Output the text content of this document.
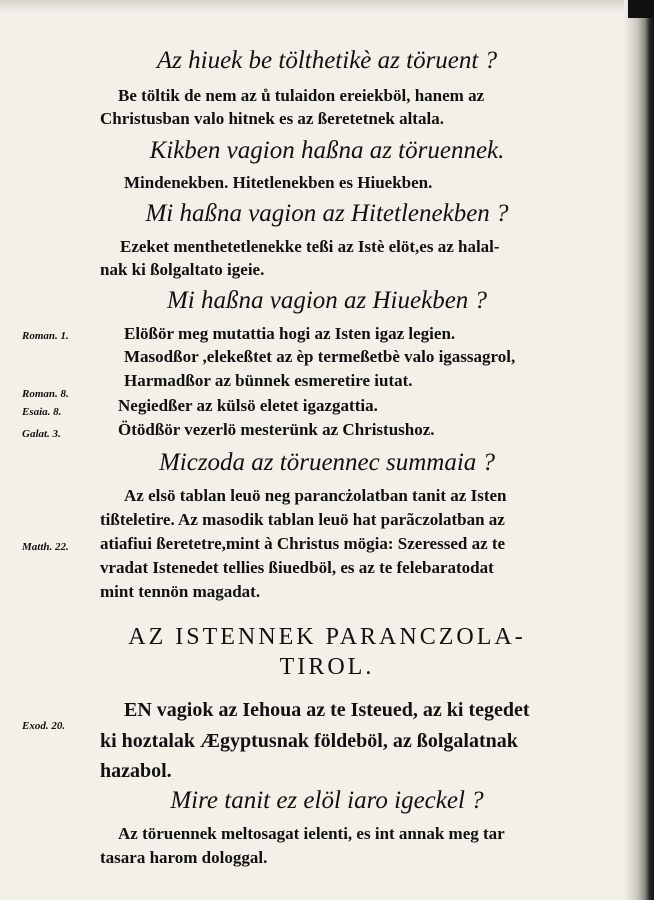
Az hiuek be tölthetikè az töruent ?
Be töltik de nem az ů tulaidon ereiekböl, hanem az
Christusban valo hitnek es az ßeretetnek altala.
Kikben vagion haßna az töruennek.
Mindenekben. Hitetlenekben es Hiuekben.
Mi haßna vagion az Hitetlenekben ?
Ezeket menthetetlenekke teßi az Istè elöt,es az halal-
nak ki ßolgaltato igeie.
Mi haßna vagion az Hiuekben ?
Roman. 1.	Elößör meg mutattia hogi az Isten igaz legien.
Masodßor ,elekeßtet az èp termeßetbè valo igassagrol,
Roman. 8.
Harmadßor az bünnek esmeretire iutat.
Esaia. 8.	Negiedßer az külsö eletet igazgattia.
Galat. 3.	Ötödßör vezerlö mesterünk az Christushoz.
Miczoda az töruennec summaia ?
Az elsö tablan leuö neg parancżolatban tanit az Isten
tißteletire. Az masodik tablan leuö hat parãczolatban az
Matth. 22. atiafiui ßeretetre,mint à Christus mögia: Szeressed az te
vradat Istenedet tellies ßiuedböl, es az te felebaratodat
mint tennön magadat.
AZ ISTENNEK PARANCZOLA-
TIROL.
EN vagiok az Iehoua az te Isteued, az ki tegedet
Exod. 20.
ki hoztalak Ægyptusnak földeböl, az ßolgalatnak
hazabol.
Mire tanit ez elöl iaro igeckel ?
Az töruennek meltosagat ielenti, es int annak meg tar
tasara harom dologgal.
